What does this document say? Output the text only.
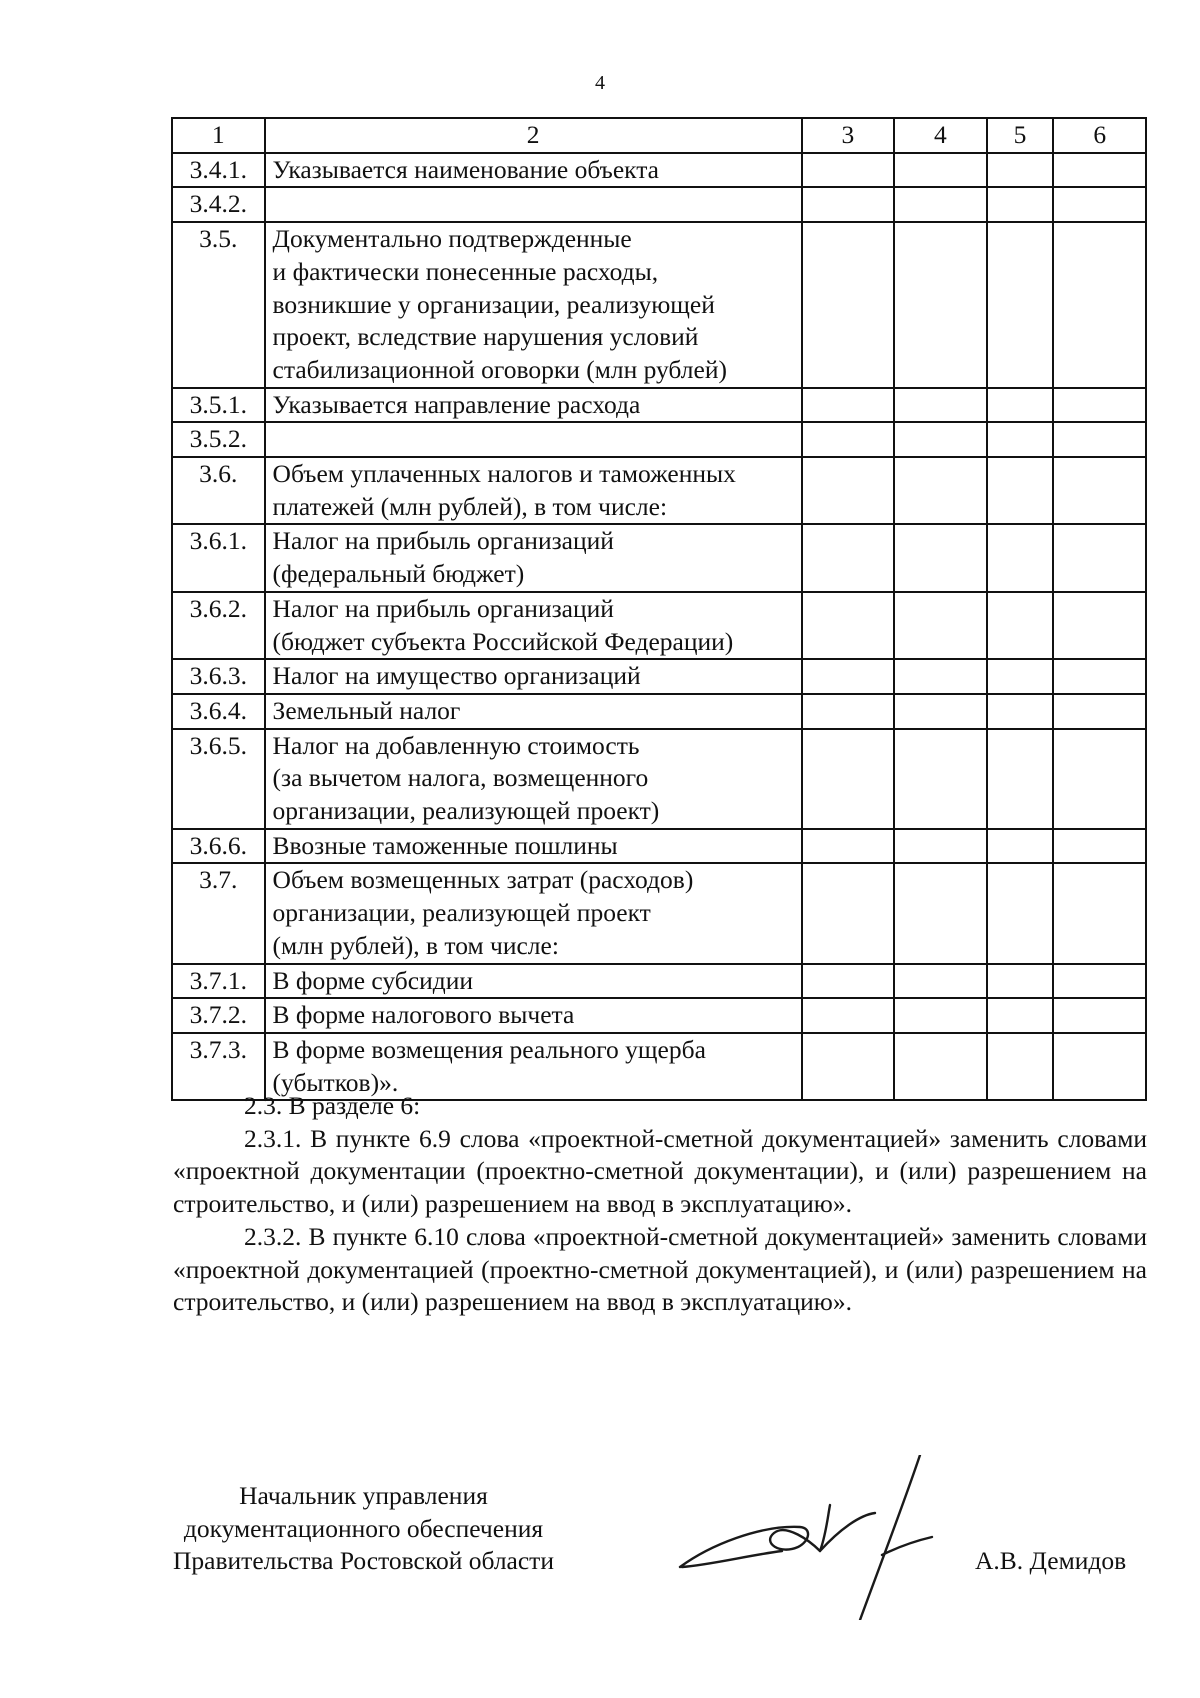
4
1	2	3	4	5	6
3.4.1.	Указывается наименование объекта				

3.4.2.	

3.5.	Документально подтвержденные
и фактически понесенные расходы,
возникшие у организации, реализующей
проект, вследствие нарушения условий
стабилизационной оговорки (млн рублей)				

3.5.1.	Указывается направление расхода				

3.5.2.	

3.6.	Объем уплаченных налогов и таможенных
платежей (млн рублей), в том числе:				

3.6.1.	Налог на прибыль организаций
(федеральный бюджет)				

3.6.2.	Налог на прибыль организаций
(бюджет субъекта Российской Федерации)				

3.6.3.	Налог на имущество организаций				

3.6.4.	Земельный налог				

3.6.5.	Налог на добавленную стоимость
(за вычетом налога, возмещенного
организации, реализующей проект)				

3.6.6.	Ввозные таможенные пошлины				

3.7.	Объем возмещенных затрат (расходов)
организации, реализующей проект
(млн рублей), в том числе:				

3.7.1.	В форме субсидии				

3.7.2.	В форме налогового вычета				

3.7.3.	В форме возмещения реального ущерба
(убытков)».				

2.3. В разделе 6:

2.3.1. В пункте 6.9 слова «проектной-сметной документацией» заменить словами «проектной документации (проектно-сметной документации), и (или) разрешением на строительство, и (или) разрешением на ввод в эксплуатацию».

2.3.2. В пункте 6.10 слова «проектной-сметной документацией» заменить словами «проектной документацией (проектно-сметной документацией), и (или) разрешением на строительство, и (или) разрешением на ввод в эксплуатацию».

Начальник управления
документационного обеспечения
Правительства Ростовской области	А.В. Демидов
